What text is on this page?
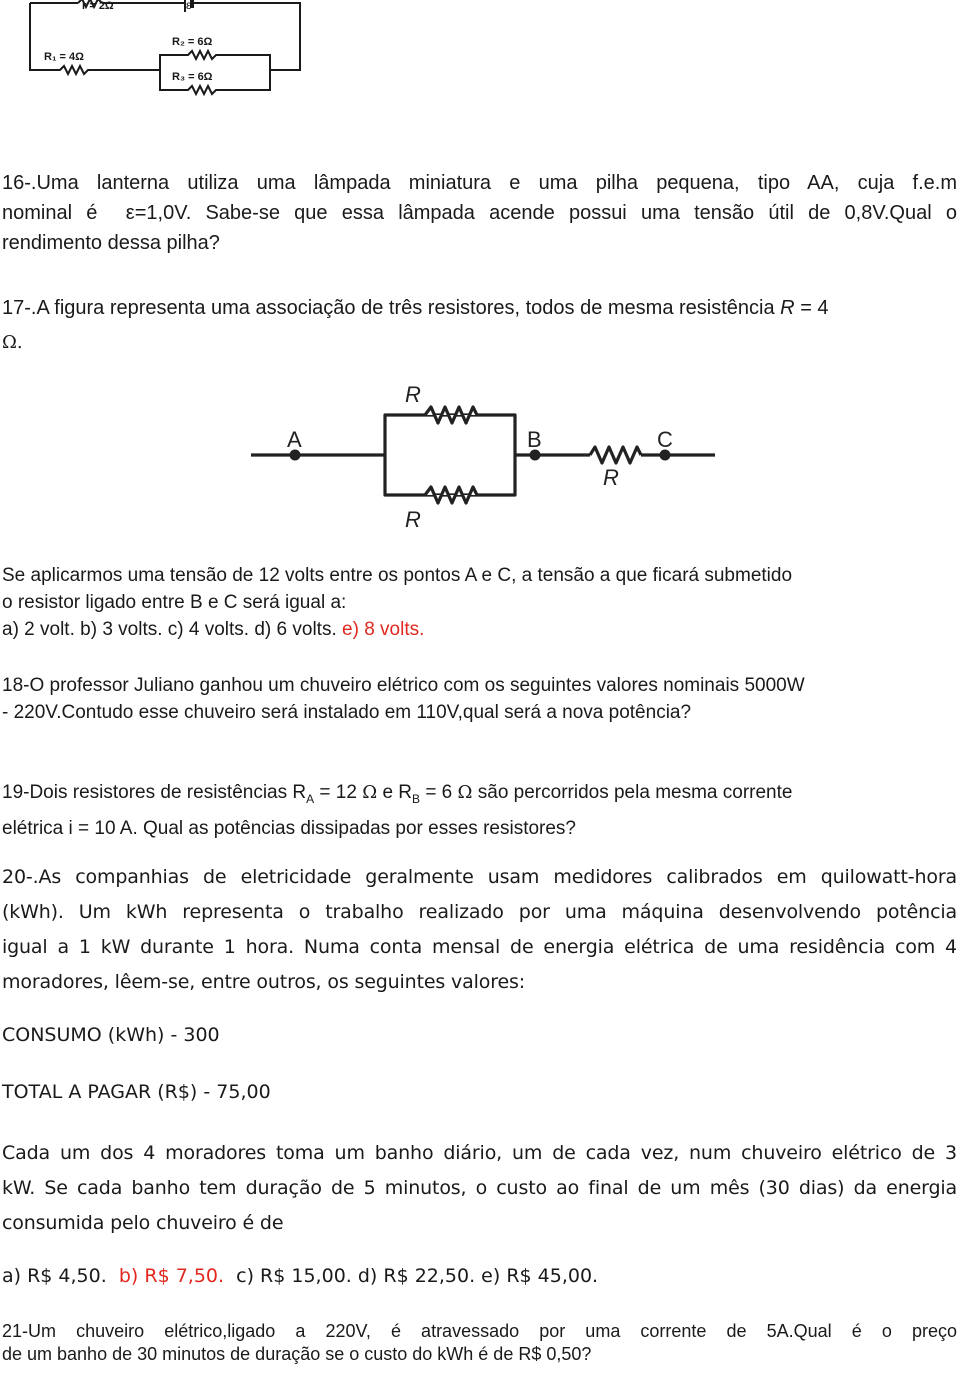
r = 2Ω	ε
R₁ = 4Ω
R₂ = 6Ω
R₃ = 6Ω
16-.Uma lanterna utiliza uma lâmpada miniatura e uma pilha pequena, tipo AA, cuja f.e.m
nominal é ε=1,0V. Sabe-se que essa lâmpada acende possui uma tensão útil de 0,8V.Qual o
rendimento dessa pilha?
17-.A figura representa uma associação de três resistores, todos de mesma resistência R = 4
Ω.
A	B	C
R
R
R
Se aplicarmos uma tensão de 12 volts entre os pontos A e C, a tensão a que ficará submetido
o resistor ligado entre B e C será igual a:
a) 2 volt. b) 3 volts. c) 4 volts. d) 6 volts. e) 8 volts.
18-O professor Juliano ganhou um chuveiro elétrico com os seguintes valores nominais 5000W
- 220V.Contudo esse chuveiro será instalado em 110V,qual será a nova potência?
19-Dois resistores de resistências $R_A = 12$ Ω e $R_B = 6$ Ω são percorridos pela mesma corrente
elétrica i = 10 A. Qual as potências dissipadas por esses resistores?
20-.As companhias de eletricidade geralmente usam medidores calibrados em quilowatt-hora
(kWh). Um kWh representa o trabalho realizado por uma máquina desenvolvendo potência
igual a 1 kW durante 1 hora. Numa conta mensal de energia elétrica de uma residência com 4
moradores, lêem-se, entre outros, os seguintes valores:
CONSUMO (kWh) - 300
TOTAL A PAGAR (R$) - 75,00
Cada um dos 4 moradores toma um banho diário, um de cada vez, num chuveiro elétrico de 3
kW. Se cada banho tem duração de 5 minutos, o custo ao final de um mês (30 dias) da energia
consumida pelo chuveiro é de
a) R$ 4,50. b) R$ 7,50. c) R$ 15,00. d) R$ 22,50. e) R$ 45,00.
21-Um chuveiro elétrico,ligado a 220V, é atravessado por uma corrente de 5A.Qual é o preço
de um banho de 30 minutos de duração se o custo do kWh é de R$ 0,50?
